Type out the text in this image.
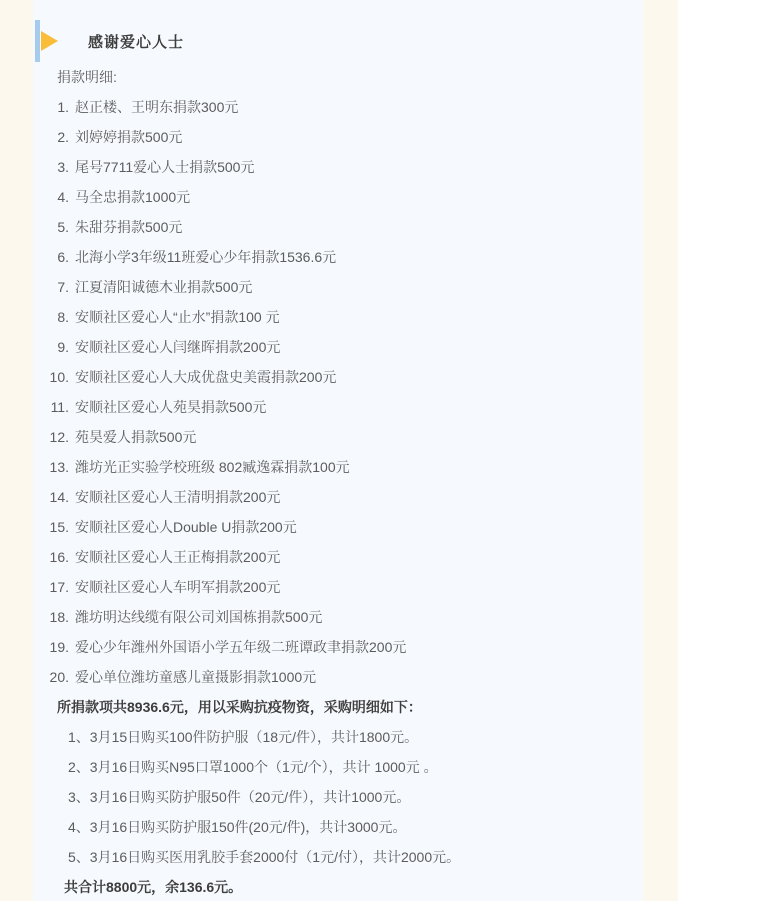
感谢爱心人士
捐款明细:
1. 赵正楼、王明东捐款300元
2. 刘婷婷捐款500元
3. 尾号7711爱心人士捐款500元
4. 马全忠捐款1000元
5. 朱甜芬捐款500元
6. 北海小学3年级11班爱心少年捐款1536.6元
7. 江夏清阳诚德木业捐款500元
8. 安顺社区爱心人“止水”捐款100 元
9. 安顺社区爱心人闫继晖捐款200元
10. 安顺社区爱心人大成优盘史美霞捐款200元
11. 安顺社区爱心人苑昊捐款500元
12. 苑昊爱人捐款500元
13. 潍坊光正实验学校班级 802臧逸霖捐款100元
14. 安顺社区爱心人王清明捐款200元
15. 安顺社区爱心人Double U捐款200元
16. 安顺社区爱心人王正梅捐款200元
17. 安顺社区爱心人车明军捐款200元
18. 潍坊明达线缆有限公司刘国栋捐款500元
19. 爱心少年潍州外国语小学五年级二班谭政聿捐款200元
20. 爱心单位潍坊童感儿童摄影捐款1000元
所捐款项共8936.6元，用以采购抗疫物资，采购明细如下：
1、 3月15日购买100件防护服（18元/件），共计1800元。
2、 3月16日购买N95口罩1000个（1元/个），共计 1000元 。
3、 3月16日购买防护服50件（20元/件），共计1000元。
4、 3月16日购买防护服150件(20元/件)，共计3000元。
5、 3月16日购买医用乳胶手套2000付（1元/付），共计2000元。
共合计8800元，余136.6元。
